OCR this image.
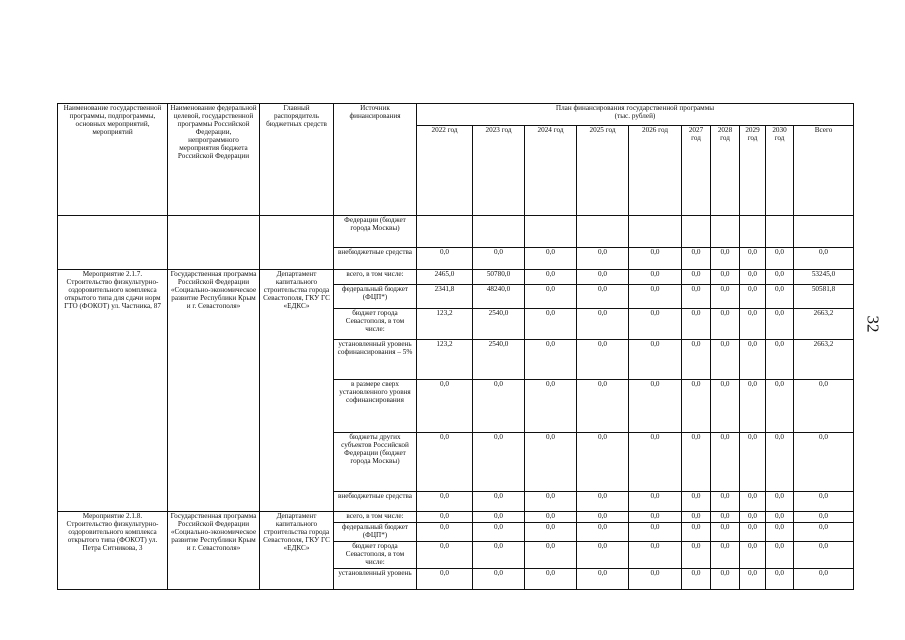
32
Наименование государственной программы, подпрограммы, основных мероприятий, мероприятий	Наименование федеральной целевой, государственной программы Российской Федерации, непрограммного мероприятия бюджета Российской Федерации	Главный распорядитель бюджетных средств	Источник финансирования	План финансирования государственной программы
(тыс. рублей)									

				2022 год	2023 год	2024 год	2025 год	2026 год	2027 год	2028 год	2029 год	2030 год	Всего
			Федерации (бюджет города Москвы)										
			внебюджетные средства	0,0	0,0	0,0	0,0	0,0	0,0	0,0	0,0	0,0	0,0
Мероприятие 2.1.7. Строительство физкультурно-оздоровительного комплекса открытого типа для сдачи норм ГТО (ФОКОТ) ул. Частника, 87	Государственная программа Российской Федерации «Социально-экономическое развитие Республики Крым и г. Севастополя»	Департамент капитального строительства города Севастополя, ГКУ ГС «ЕДКС»	всего, в том числе:	2465,0	50780,0	0,0	0,0	0,0	0,0	0,0	0,0	0,0	53245,0
			федеральный бюджет (ФЦП*)	2341,8	48240,0	0,0	0,0	0,0	0,0	0,0	0,0	0,0	50581,8
			бюджет города Севастополя, в том числе:	123,2	2540,0	0,0	0,0	0,0	0,0	0,0	0,0	0,0	2663,2
			установленный уровень софинансирования – 5%	123,2	2540,0	0,0	0,0	0,0	0,0	0,0	0,0	0,0	2663,2
			в размере сверх установленного уровня софинансирования	0,0	0,0	0,0	0,0	0,0	0,0	0,0	0,0	0,0	0,0
			бюджеты других субъектов Российской Федерации (бюджет города Москвы)	0,0	0,0	0,0	0,0	0,0	0,0	0,0	0,0	0,0	0,0
			внебюджетные средства	0,0	0,0	0,0	0,0	0,0	0,0	0,0	0,0	0,0	0,0
Мероприятие 2.1.8. Строительство физкультурно-оздоровительного комплекса открытого типа (ФОКОТ) ул. Петра Ситникова, 3	Государственная программа Российской Федерации «Социально-экономическое развитие Республики Крым и г. Севастополя»	Департамент капитального строительства города Севастополя, ГКУ ГС «ЕДКС»	всего, в том числе:	0,0	0,0	0,0	0,0	0,0	0,0	0,0	0,0	0,0	0,0
			федеральный бюджет (ФЦП*)	0,0	0,0	0,0	0,0	0,0	0,0	0,0	0,0	0,0	0,0
			бюджет города Севастополя, в том числе:	0,0	0,0	0,0	0,0	0,0	0,0	0,0	0,0	0,0	0,0
			установленный уровень	0,0	0,0	0,0	0,0	0,0	0,0	0,0	0,0	0,0	0,0
